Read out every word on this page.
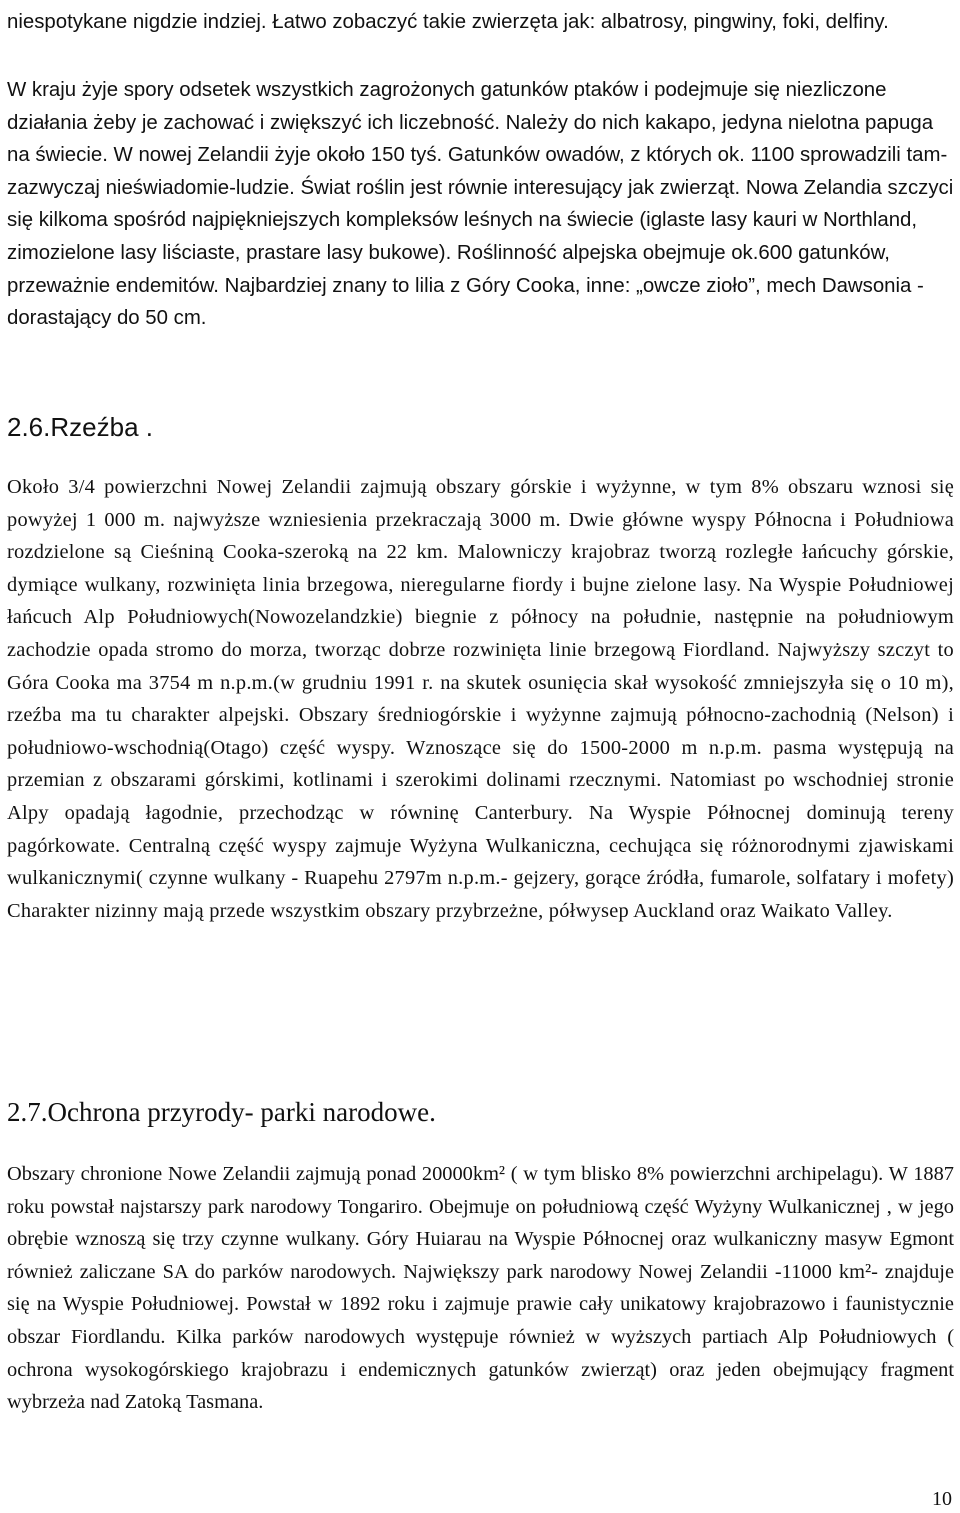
niespotykane nigdzie indziej. Łatwo zobaczyć takie zwierzęta jak: albatrosy, pingwiny, foki, delfiny.

W kraju żyje spory odsetek wszystkich zagrożonych gatunków ptaków i podejmuje się niezliczone działania żeby je zachować i zwiększyć ich liczebność. Należy do nich kakapo, jedyna nielotna papuga na świecie. W nowej Zelandii żyje około 150 tyś. Gatunków owadów, z których ok. 1100 sprowadzili tam- zazwyczaj nieświadomie-ludzie. Świat roślin jest równie interesujący jak zwierząt. Nowa Zelandia szczyci się kilkoma spośród najpiękniejszych kompleksów leśnych na świecie (iglaste lasy kauri w Northland, zimozielone lasy liściaste, prastare lasy bukowe). Roślinność alpejska obejmuje ok.600 gatunków, przeważnie endemitów. Najbardziej znany to lilia z Góry Cooka, inne: „owcze zioło”, mech Dawsonia - dorastający do 50 cm.

2.6.Rzeźba .

Około 3/4 powierzchni Nowej Zelandii zajmują obszary górskie i wyżynne, w tym 8% obszaru wznosi się powyżej 1 000 m. najwyższe wzniesienia przekraczają 3000 m. Dwie główne wyspy Północna i Południowa rozdzielone są Cieśniną Cooka-szeroką na 22 km. Malowniczy krajobraz tworzą rozległe łańcuchy górskie, dymiące wulkany, rozwinięta linia brzegowa, nieregularne fiordy i bujne zielone lasy. Na Wyspie Południowej łańcuch Alp Południowych(Nowozelandzkie) biegnie z północy na południe, następnie na południowym zachodzie opada stromo do morza, tworząc dobrze rozwinięta linie brzegową Fiordland. Najwyższy szczyt to Góra Cooka ma 3754 m n.p.m.(w grudniu 1991 r. na skutek osunięcia skał wysokość zmniejszyła się o 10 m), rzeźba ma tu charakter alpejski. Obszary średniogórskie i wyżynne zajmują północno-zachodnią (Nelson) i południowo-wschodnią(Otago) część wyspy. Wznoszące się do 1500-2000 m n.p.m. pasma występują na przemian z obszarami górskimi, kotlinami i szerokimi dolinami rzecznymi. Natomiast po wschodniej stronie Alpy opadają łagodnie, przechodząc w równinę Canterbury. Na Wyspie Północnej dominują tereny pagórkowate. Centralną część wyspy zajmuje Wyżyna Wulkaniczna, cechująca się różnorodnymi zjawiskami wulkanicznymi( czynne wulkany - Ruapehu 2797m n.p.m.- gejzery, gorące źródła, fumarole, solfatary i mofety) Charakter nizinny mają przede wszystkim obszary przybrzeżne, półwysep Auckland oraz Waikato Valley.

2.7.Ochrona przyrody- parki narodowe.

Obszary chronione Nowe Zelandii zajmują ponad 20000km² ( w tym blisko 8% powierzchni archipelagu). W 1887 roku powstał najstarszy park narodowy Tongariro. Obejmuje on południową część Wyżyny Wulkanicznej , w jego obrębie wznoszą się trzy czynne wulkany. Góry Huiarau na Wyspie Północnej oraz wulkaniczny masyw Egmont również zaliczane SA do parków narodowych. Największy park narodowy Nowej Zelandii -11000 km²- znajduje się na Wyspie Południowej. Powstał w 1892 roku i zajmuje prawie cały unikatowy krajobrazowo i faunistycznie obszar Fiordlandu. Kilka parków narodowych występuje również w wyższych partiach Alp Południowych ( ochrona wysokogórskiego krajobrazu i endemicznych gatunków zwierząt) oraz jeden obejmujący fragment wybrzeża nad Zatoką Tasmana.

10
